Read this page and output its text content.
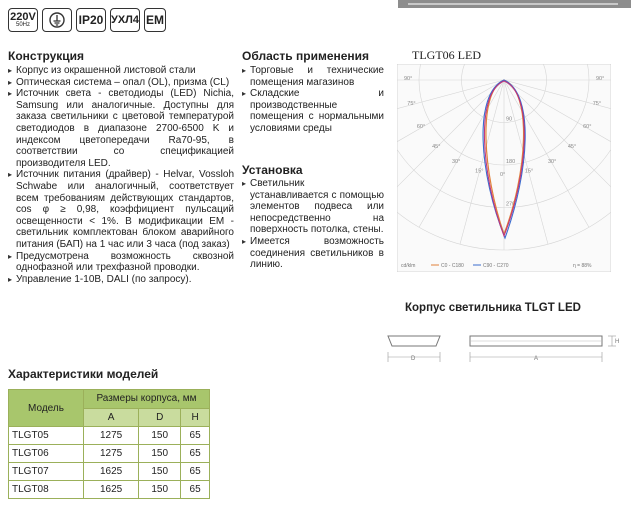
220V
50Hz	IP20 УХЛ4 EM
Конструкция
▸ Корпус из окрашенной листовой стали
▸ Оптическая система – опал (OL), призма (CL)
▸ Источник света - светодиоды (LED) Nichia, Samsung или аналогичные. Доступны для заказа светильники с цветовой температурой светодиодов в диапазоне 2700-6500 K и индексом цветопередачи Ra70-95, в соответствии со спецификацией производителя LED.
▸ Источник питания (драйвер) - Helvar, Vossloh Schwabe или аналогичный, соответствует всем требованиям действующих стандартов, cos φ ≥ 0,98, коэффициент пульсаций освещенности < 1%. В модификации EM - светильник комплектован блоком аварийного питания (БАП) на 1 час или 3 часа (под заказ)
▸ Предусмотрена возможность сквозной однофазной или трехфазной проводки.
▸ Управление 1-10В, DALI (по запросу).
Область применения
▸ Торговые и технические помещения магазинов
▸ Складские и производственные помещения с нормальными условиями среды
Установка
▸ Светильник устанавливается с помощью элементов подвеса или непосредственно на поверхность потолка, стены.
▸ Имеется возможность соединения светильников в линию.
TLGT06 LED
90°
75°
60°
45°
30°
15°
0°
15°
30°
45°
60°
75°
90°
270
180
90
cd/klm	C0 - C180	C90 - C270	η = 88%
Корпус светильника TLGT LED
D	A
H
Характеристики моделей
Модель	Размеры корпуса, мм		
	A	D	H
TLGT05	1275	150	65
TLGT06	1275	150	65
TLGT07	1625	150	65
TLGT08	1625	150	65
